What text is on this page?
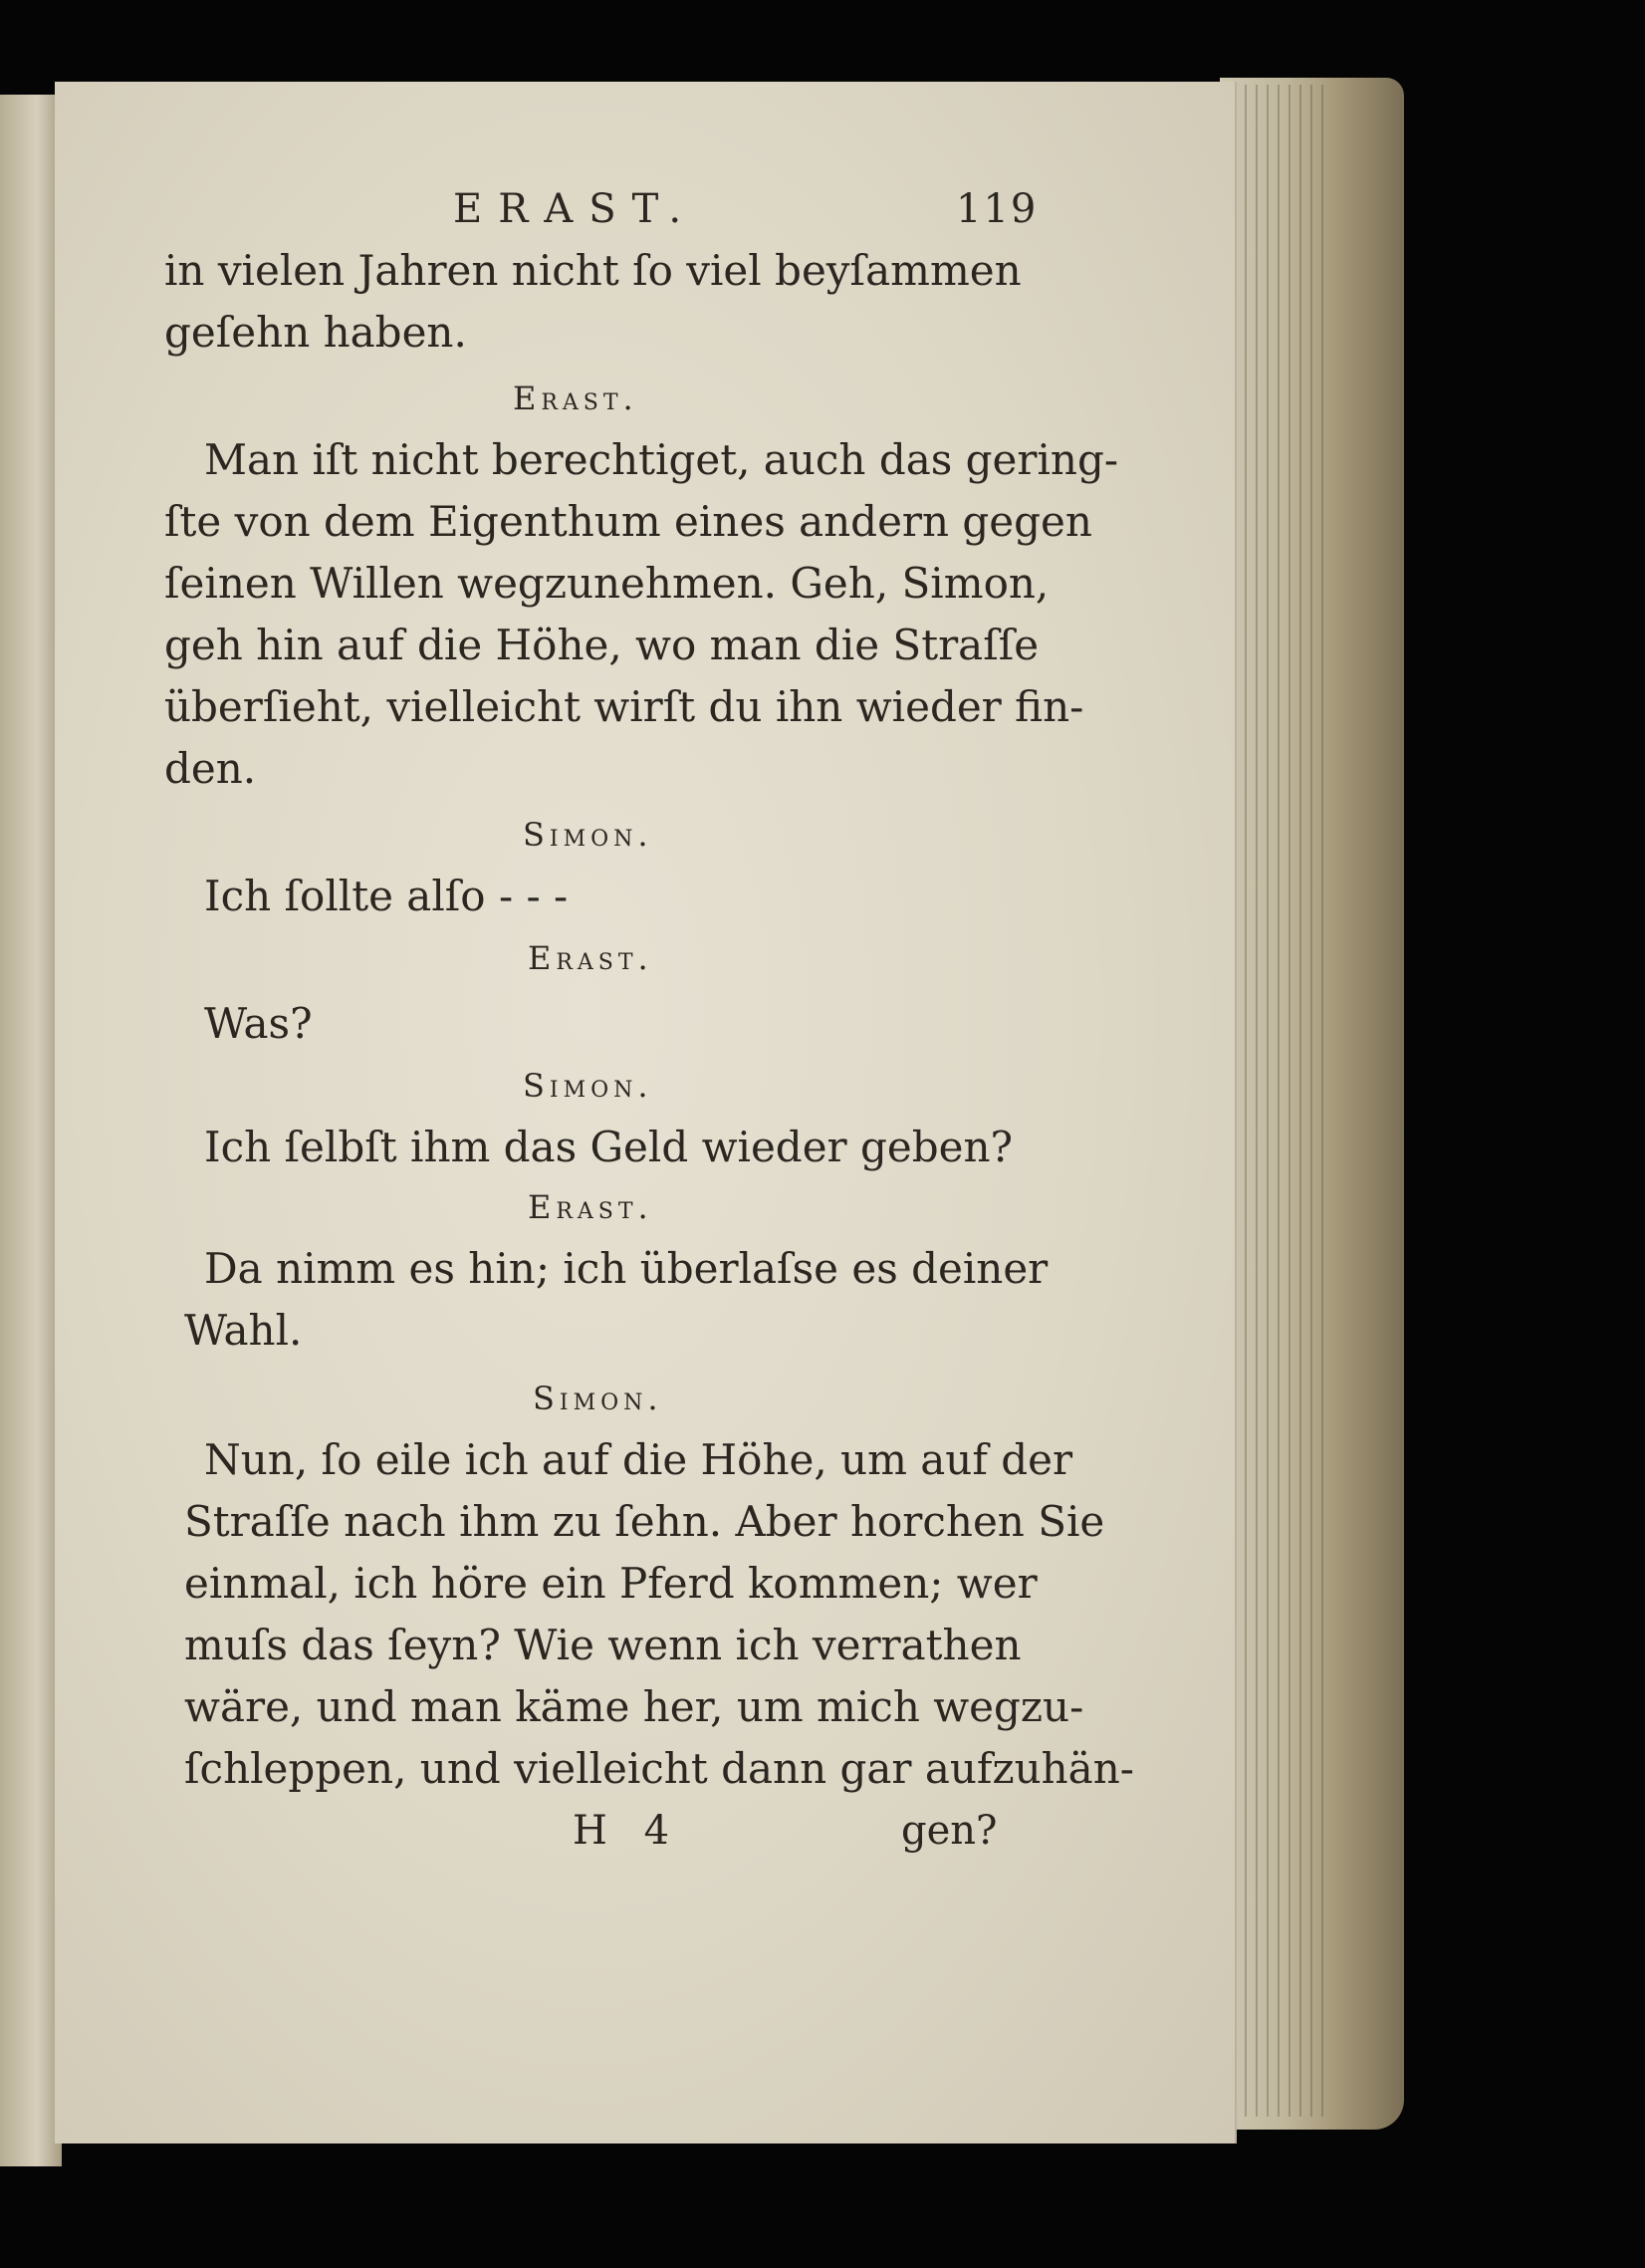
ERAST.	119

in vielen Jahren nicht ſo viel beyſammen

geſehn haben.

Erast.

Man iſt nicht berechtiget, auch das gering-

ſte von dem Eigenthum eines andern gegen

ſeinen Willen wegzunehmen. Geh, Simon,

geh hin auf die Höhe, wo man die Straſſe

überſieht, vielleicht wirſt du ihn wieder fin-

den.

Simon.

Ich ſollte alſo - - -

Erast.

Was?

Simon.

Ich ſelbſt ihm das Geld wieder geben?

Erast.

Da nimm es hin; ich überlaſse es deiner

Wahl.

Simon.

Nun, ſo eile ich auf die Höhe, um auf der

Straſſe nach ihm zu ſehn. Aber horchen Sie

einmal, ich höre ein Pferd kommen; wer

muſs das ſeyn? Wie wenn ich verrathen

wäre, und man käme her, um mich wegzu-

ſchleppen, und vielleicht dann gar aufzuhän-

H 4	gen?
